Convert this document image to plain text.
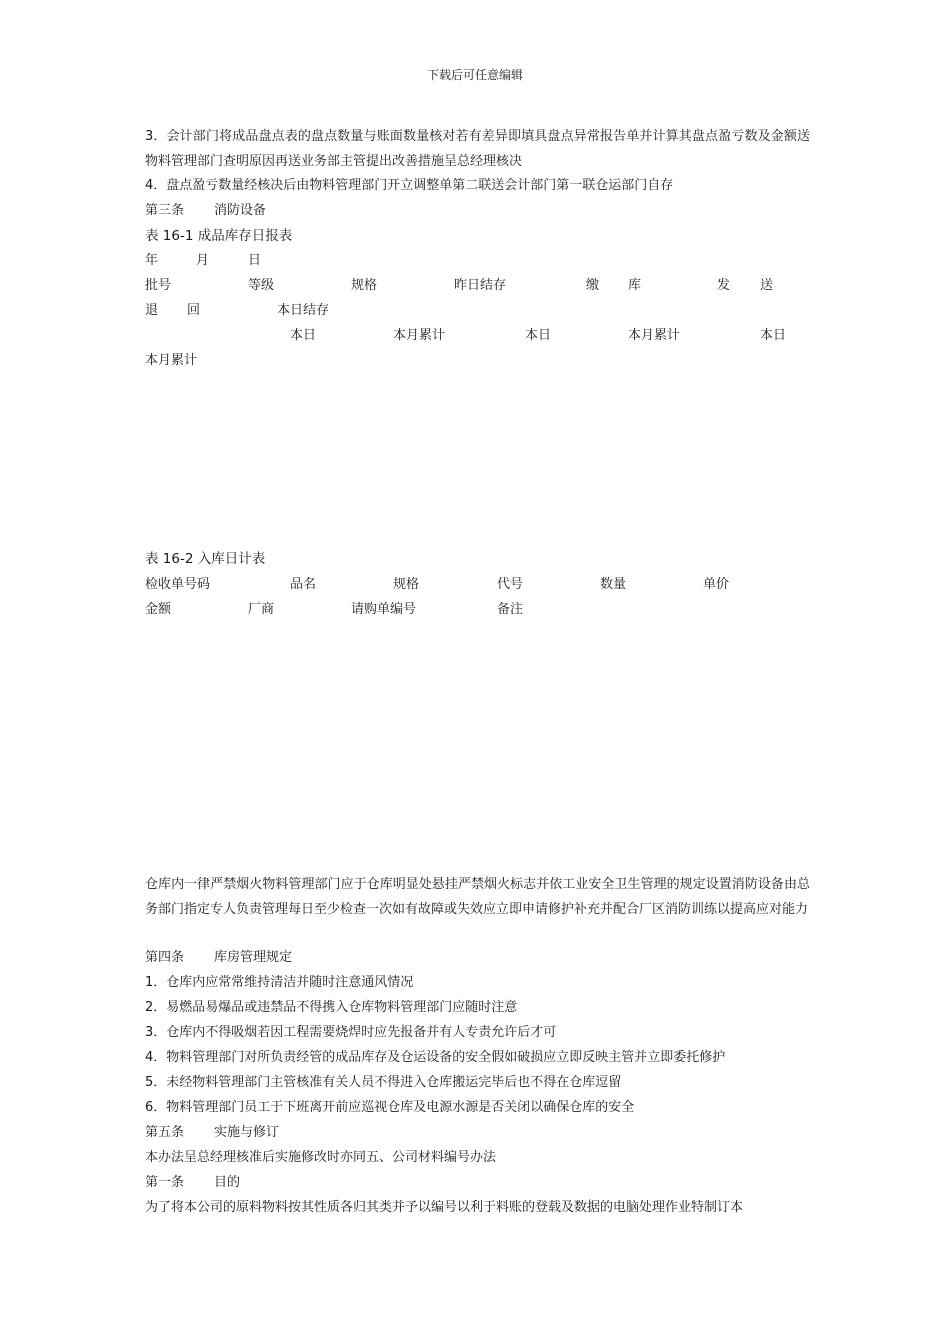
下载后可任意编辑
3．会计部门将成品盘点表的盘点数量与账面数量核对若有差异即填具盘点异常报告单并计算其盘点盈亏数及金额送物料管理部门查明原因再送业务部主管提出改善措施呈总经理核决
4．盘点盈亏数量经核决后由物料管理部门开立调整单第二联送会计部门第一联仓运部门自存
第三条 消防设备
表 16-1 成品库存日报表
年	月	日
批号	等级	规格	昨日结存	缴 库	发 送
退 回	本日结存
本日	本月累计	本日	本月累计	本日
本月累计
表 16-2 入库日计表
检收单号码	品名	规格	代号	数量	单价
金额	厂商	请购单编号	备注
仓库内一律严禁烟火物料管理部门应于仓库明显处悬挂严禁烟火标志并依工业安全卫生管理的规定设置消防设备由总务部门指定专人负责管理每日至少检查一次如有故障或失效应立即申请修护补充并配合厂区消防训练以提高应对能力
第四条 库房管理规定
1．仓库内应常常维持清洁并随时注意通风情况
2．易燃品易爆品或违禁品不得携入仓库物料管理部门应随时注意
3．仓库内不得吸烟若因工程需要烧焊时应先报备并有人专责允许后才可
4．物料管理部门对所负责经管的成品库存及仓运设备的安全假如破损应立即反映主管并立即委托修护
5．未经物料管理部门主管核准有关人员不得进入仓库搬运完毕后也不得在仓库逗留
6．物料管理部门员工于下班离开前应巡视仓库及电源水源是否关闭以确保仓库的安全
第五条 实施与修订
本办法呈总经理核准后实施修改时亦同五、公司材料编号办法
第一条 目的
为了将本公司的原料物料按其性质各归其类并予以编号以利于料账的登载及数据的电脑处理作业特制订本
